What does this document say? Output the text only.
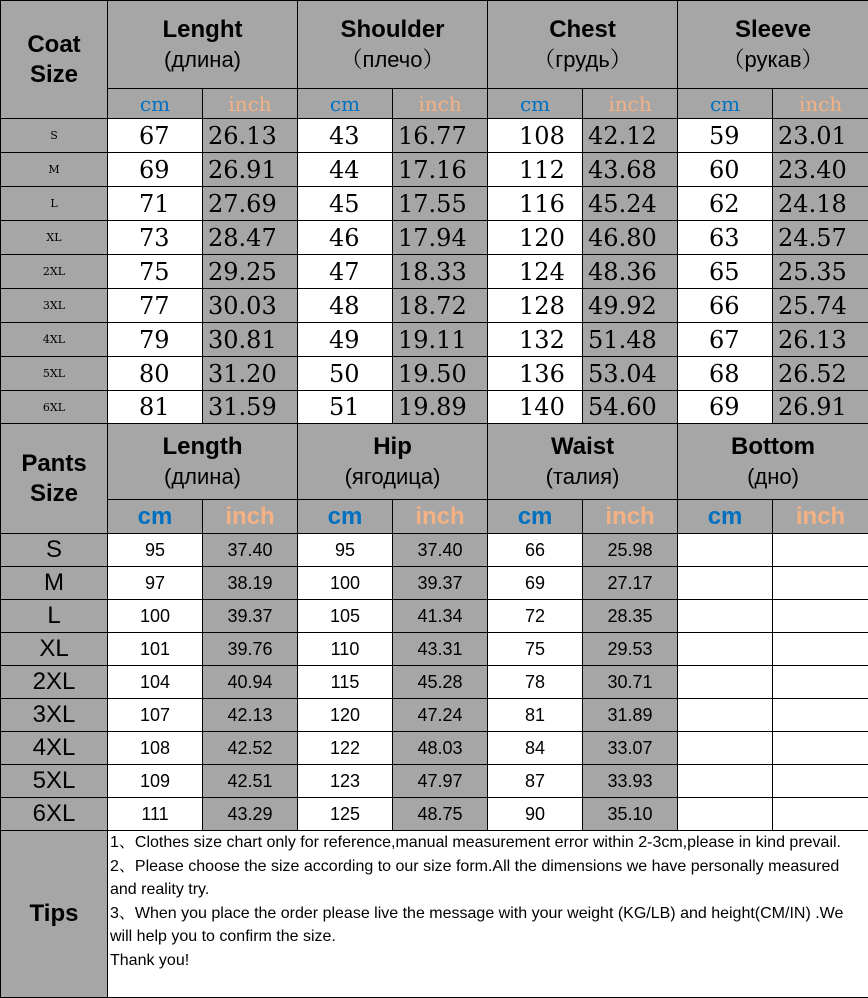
Coat
Size	Lenght
(длина)		Shoulder
（плечо）		Chest
（грудь）		Sleeve
（рукав）	

	cm	inch	cm	inch	cm	inch	cm	inch
S	67	26.13	43	16.77	108	42.12	59	23.01
M	69	26.91	44	17.16	112	43.68	60	23.40
L	71	27.69	45	17.55	116	45.24	62	24.18
XL	73	28.47	46	17.94	120	46.80	63	24.57
2XL	75	29.25	47	18.33	124	48.36	65	25.35
3XL	77	30.03	48	18.72	128	49.92	66	25.74
4XL	79	30.81	49	19.11	132	51.48	67	26.13
5XL	80	31.20	50	19.50	136	53.04	68	26.52
6XL	81	31.59	51	19.89	140	54.60	69	26.91

Pants
Size	Length
(длина)		Hip
(ягодица)		Waist
(талия)		Bottom
(дно)	

	cm	inch	cm	inch	cm	inch	cm	inch
S	95	37.40	95	37.40	66	25.98		
M	97	38.19	100	39.37	69	27.17		
L	100	39.37	105	41.34	72	28.35		
XL	101	39.76	110	43.31	75	29.53		
2XL	104	40.94	115	45.28	78	30.71		
3XL	107	42.13	120	47.24	81	31.89		
4XL	108	42.52	122	48.03	84	33.07		
5XL	109	42.51	123	47.97	87	33.93		
6XL	111	43.29	125	48.75	90	35.10		
Tips	1、Clothes size chart only for reference,manual measurement error within 2-3cm,please in kind prevail.
2、Please choose the size according to our size form.All the dimensions we have personally measured and reality try.
3、When you place the order please live the message with your weight (KG/LB) and height(CM/IN) .We will help you to confirm the size.
Thank you!							
